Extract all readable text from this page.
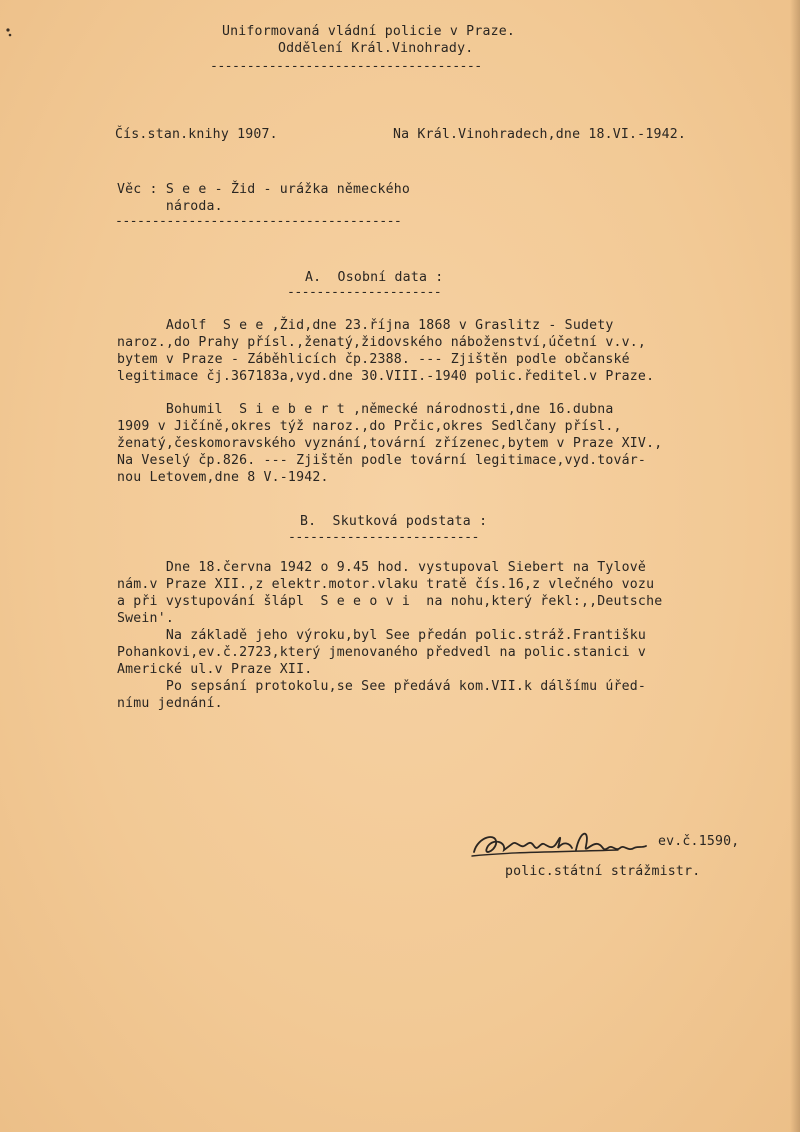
Uniformovaná vládní policie v Praze.
Oddělení Král.Vinohrady.
-------------------------------------
Čís.stan.knihy 1907.	Na Král.Vinohradech,dne 18.VI.-1942.
Věc : S e e - Žid - urážka německého
národa.
---------------------------------------
A.  Osobní data :
---------------------
Adolf  S e e ,Žid,dne 23.října 1868 v Graslitz - Sudety
naroz.,do Prahy přísl.,ženatý,židovského náboženství,účetní v.v.,
bytem v Praze - Záběhlicích čp.2388. --- Zjištěn podle občanské
legitimace čj.367183a,vyd.dne 30.VIII.-1940 polic.ředitel.v Praze.
Bohumil  S i e b e r t ,německé národnosti,dne 16.dubna
1909 v Jičíně,okres týž naroz.,do Prčic,okres Sedlčany přísl.,
ženatý,českomoravského vyznání,tovární zřízenec,bytem v Praze XIV.,
Na Veselý čp.826. --- Zjištěn podle tovární legitimace,vyd.továr-
nou Letovem,dne 8 V.-1942.
B.  Skutková podstata :
--------------------------
Dne 18.června 1942 o 9.45 hod. vystupoval Siebert na Tylově
nám.v Praze XII.,z elektr.motor.vlaku tratě čís.16,z vlečného vozu
a při vystupování šlápl  S e e o v i  na nohu,který řekl:,,Deutsche
Swein'.
Na základě jeho výroku,byl See předán polic.stráž.Františku
Pohankovi,ev.č.2723,který jmenovaného předvedl na polic.stanici v
Americké ul.v Praze XII.
Po sepsání protokolu,se See předává kom.VII.k dálšímu úřed-
nímu jednání.
ev.č.1590,
polic.státní strážmistr.
